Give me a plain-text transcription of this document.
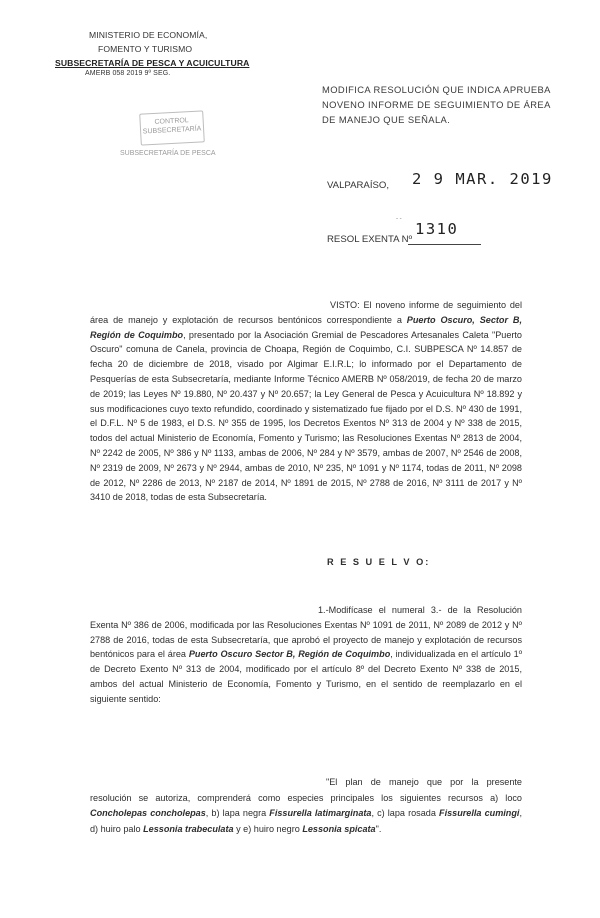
MINISTERIO DE ECONOMÍA,
FOMENTO Y TURISMO
SUBSECRETARÍA DE PESCA Y ACUICULTURA
AMERB 058 2019 9º SEG.
CONTROL
SUBSECRETARÍA
SUBSECRETARÍA DE PESCA
MODIFICA RESOLUCIÓN QUE INDICA APRUEBA NOVENO INFORME DE SEGUIMIENTO DE ÁREA DE MANEJO QUE SEÑALA.
VALPARAÍSO, 2 9 MAR. 2019
- -
RESOL EXENTA Nº
1310
VISTO: El noveno informe de seguimiento del área de manejo y explotación de recursos bentónicos correspondiente a Puerto Oscuro, Sector B, Región de Coquimbo, presentado por la Asociación Gremial de Pescadores Artesanales Caleta "Puerto Oscuro" comuna de Canela, provincia de Choapa, Región de Coquimbo, C.I. SUBPESCA Nº 14.857 de fecha 20 de diciembre de 2018, visado por Algimar E.I.R.L; lo informado por el Departamento de Pesquerías de esta Subsecretaría, mediante Informe Técnico AMERB Nº 058/2019, de fecha 20 de marzo de 2019; las Leyes Nº 19.880, Nº 20.437 y Nº 20.657; la Ley General de Pesca y Acuicultura Nº 18.892 y sus modificaciones cuyo texto refundido, coordinado y sistematizado fue fijado por el D.S. Nº 430 de 1991, el D.F.L. Nº 5 de 1983, el D.S. Nº 355 de 1995, los Decretos Exentos Nº 313 de 2004 y Nº 338 de 2015, todos del actual Ministerio de Economía, Fomento y Turismo; las Resoluciones Exentas Nº 2813 de 2004, Nº 2242 de 2005, Nº 386 y Nº 1133, ambas de 2006, Nº 284 y Nº 3579, ambas de 2007, Nº 2546 de 2008, Nº 2319 de 2009, Nº 2673 y Nº 2944, ambas de 2010, Nº 235, Nº 1091 y Nº 1174, todas de 2011, Nº 2098 de 2012, Nº 2286 de 2013, Nº 2187 de 2014, Nº 1891 de 2015, Nº 2788 de 2016, Nº 3111 de 2017 y Nº 3410 de 2018, todas de esta Subsecretaría.
R E S U E L V O:
1.-Modifícase el numeral 3.- de la Resolución Exenta Nº 386 de 2006, modificada por las Resoluciones Exentas Nº 1091 de 2011, Nº 2089 de 2012 y Nº 2788 de 2016, todas de esta Subsecretaría, que aprobó el proyecto de manejo y explotación de recursos bentónicos para el área Puerto Oscuro Sector B, Región de Coquimbo, individualizada en el artículo 1º de Decreto Exento Nº 313 de 2004, modificado por el artículo 8º del Decreto Exento Nº 338 de 2015, ambos del actual Ministerio de Economía, Fomento y Turismo, en el sentido de reemplazarlo en el siguiente sentido:
"El plan de manejo que por la presente resolución se autoriza, comprenderá como especies principales los siguientes recursos a) loco Concholepas concholepas, b) lapa negra Fissurella latimarginata, c) lapa rosada Fissurella cumingi, d) huiro palo Lessonia trabeculata y e) huiro negro Lessonia spicata".
